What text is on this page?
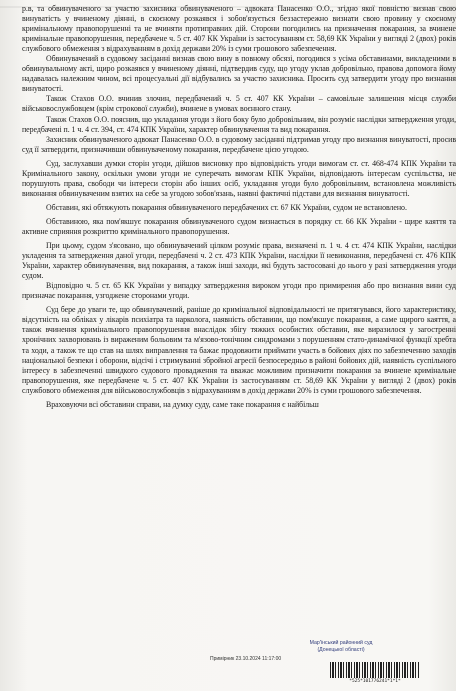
р.в, та обвинуваченого за участю захисника обвинуваченого – адвоката Панасенко О.О., згідно якої повністю визнав свою винуватість у вчиненому діянні, в скоєному розкаявся і зобов'язується беззастережно визнати свою провину у скоєному кримінальному правопорушенні та не вчиняти протиправних дій. Сторони погодились на призначення покарання, за вчинене кримінальне правопорушення, передбачене ч. 5 ст. 407 КК України із застосуванням ст. 58,69 КК України у вигляді 2 (двох) років службового обмеження з відрахуванням в дохід держави 20% із суми грошового забезпечення.

Обвинувачений в судовому засіданні визнав свою вину в повному обсязі, погодився з усіма обставинами, викладеними в обвинувальному акті, щиро розкаявся у вчиненому діянні, підтвердив суду, що угоду уклав добровільно, правова допомога йому надавалась належним чином, всі процесуальні дії відбувались за участю захисника. Просить суд затвердити угоду про визнання винуватості.

Також Стахов О.О. вчинив злочин, передбачений ч. 5 ст. 407 КК України – самовільне залишення місця служби військовослужбовцем (крім строкової служби), вчинене в умовах воєнного стану.

Також Стахов О.О. пояснив, що укладання угоди з його боку було добровільним, він розуміє наслідки затвердження угоди, передбачені п. 1 ч. 4 ст. 394, ст. 474 КПК України, характер обвинувачення та вид покарання.

Захисник обвинуваченого адвокат Панасенко О.О. в судовому засіданні підтримав угоду про визнання винуватості, просив суд її затвердити, призначивши обвинуваченому покарання, передбачене цією угодою.

Суд, заслухавши думки сторін угоди, дійшов висновку про відповідність угоди вимогам ст. ст. 468-474 КПК України та Кримінального закону, оскільки умови угоди не суперечать вимогам КПК України, відповідають інтересам суспільства, не порушують права, свободи чи інтереси сторін або інших осіб, укладання угоди було добровільним, встановлена можливість виконання обвинуваченим взятих на себе за угодою зобов'язань, наявні фактичні підстави для визнання винуватості.

Обставин, які обтяжують покарання обвинуваченого передбачених ст. 67 КК України, судом не встановлено.

Обставиною, яка пом'якшує покарання обвинуваченого судом визнається в порядку ст. 66 КК України - щире каяття та активне сприяння розкриттю кримінального правопорушення.

При цьому, судом з'ясовано, що обвинувачений цілком розуміє права, визначені п. 1 ч. 4 ст. 474 КПК України, наслідки укладення та затвердження даної угоди, передбачені ч. 2 ст. 473 КПК України, наслідки її невиконання, передбачені ст. 476 КПК України, характер обвинувачення, вид покарання, а також інші заходи, які будуть застосовані до нього у разі затвердження угоди судом.

Відповідно ч. 5 ст. 65 КК України у випадку затвердження вироком угоди про примирення або про визнання вини суд призначає покарання, узгоджене сторонами угоди.

Суд бере до уваги те, що обвинувачений, раніше до кримінальної відповідальності не притягувався, його характеристику, відсутність на обліках у лікарів психіатра та нарколога, наявність обставини, що пом'якшує покарання, а саме щирого каяття, а також вчинення кримінального правопорушення внаслідок збігу тяжких особистих обставин, яке виразилося у загостренні хронічних захворювань із вираженим больовим та м'язово-тонічним синдромами з порушенням стато-динамічної функції хребта та ходи, а також те що став на шлях виправлення та бажає продовжити приймати участь в бойових діях по забезпеченню заходів національної безпеки і оборони, відсічі і стримуванні збройної агресії безпосередньо в районі бойових дій, наявність суспільного інтересу в забезпеченні швидкого судового провадження та вважає можливим призначити покарання за вчинене кримінальне правопорушення, яке передбачене ч. 5 ст. 407 КК України із застосуванням ст. 58,69 КК України у вигляді 2 (двох) років службового обмеження для військовослужбовців з відрахуванням в дохід держави 20% із суми грошового забезпечення.

Враховуючи всі обставини справи, на думку суду, саме таке покарання є найбільш

Мар'їнський районний суд
(Донецької області)
Примірник 23.10.2024 11:17:00
*525*101776241*1*1*
